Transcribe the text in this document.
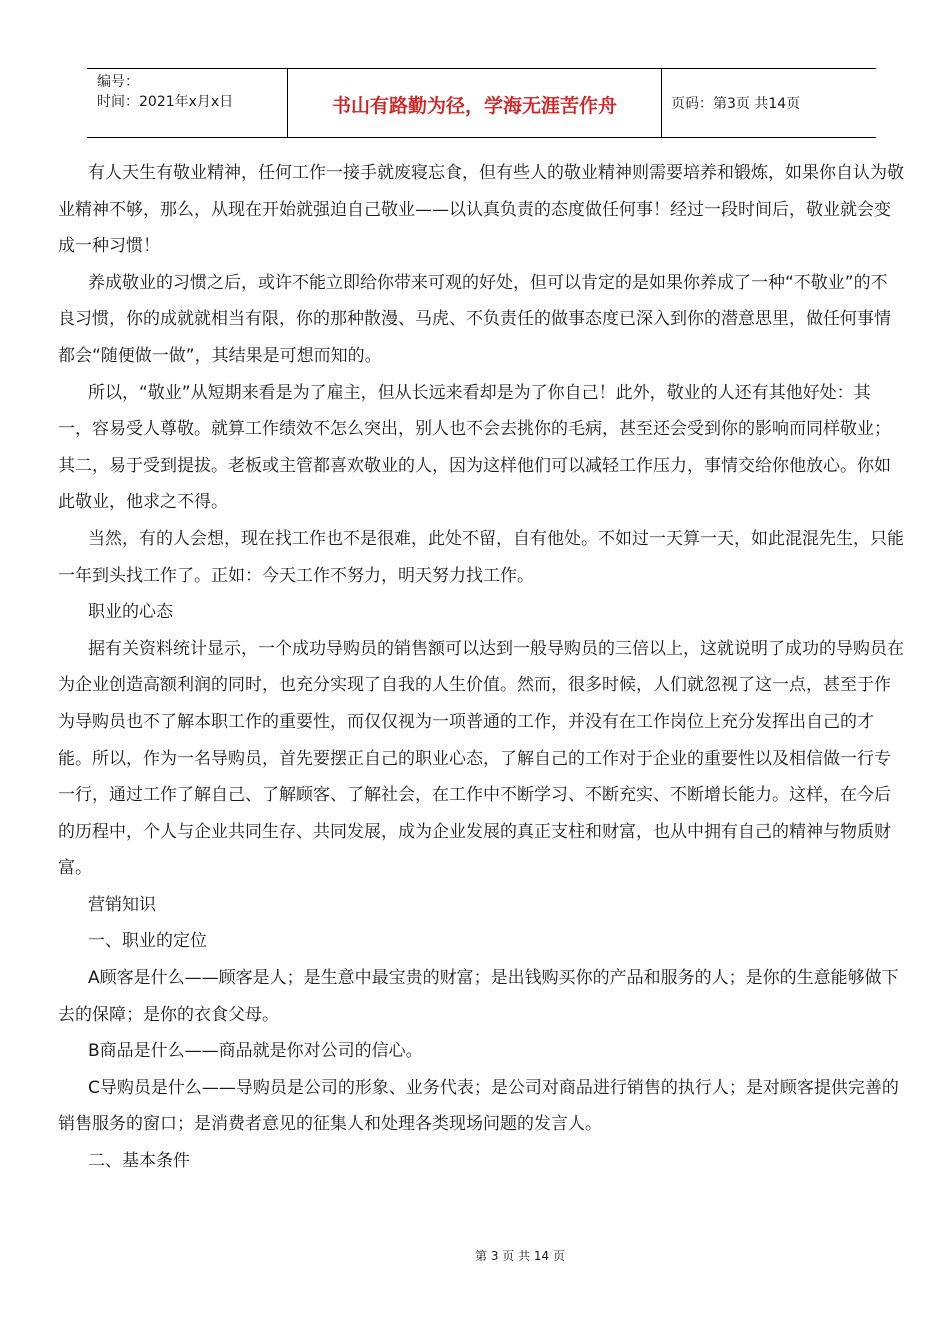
编号：
时间：2021年x月x日	书山有路勤为径，学海无涯苦作舟	页码：第3页 共14页

有人天生有敬业精神，任何工作一接手就废寝忘食，但有些人的敬业精神则需要培养和锻炼，如果你自认为敬业精神不够，那么，从现在开始就强迫自己敬业——以认真负责的态度做任何事！经过一段时间后，敬业就会变成一种习惯！

养成敬业的习惯之后，或许不能立即给你带来可观的好处，但可以肯定的是如果你养成了一种“不敬业”的不良习惯，你的成就就相当有限，你的那种散漫、马虎、不负责任的做事态度已深入到你的潜意思里，做任何事情都会“随便做一做”，其结果是可想而知的。

所以，“敬业”从短期来看是为了雇主，但从长远来看却是为了你自己！此外，敬业的人还有其他好处：其一，容易受人尊敬。就算工作绩效不怎么突出，别人也不会去挑你的毛病，甚至还会受到你的影响而同样敬业；其二，易于受到提拔。老板或主管都喜欢敬业的人，因为这样他们可以减轻工作压力，事情交给你他放心。你如此敬业，他求之不得。

当然，有的人会想，现在找工作也不是很难，此处不留，自有他处。不如过一天算一天，如此混混先生，只能一年到头找工作了。正如：今天工作不努力，明天努力找工作。

职业的心态

据有关资料统计显示，一个成功导购员的销售额可以达到一般导购员的三倍以上，这就说明了成功的导购员在为企业创造高额利润的同时，也充分实现了自我的人生价值。然而，很多时候，人们就忽视了这一点，甚至于作为导购员也不了解本职工作的重要性，而仅仅视为一项普通的工作，并没有在工作岗位上充分发挥出自己的才能。所以，作为一名导购员，首先要摆正自己的职业心态，了解自己的工作对于企业的重要性以及相信做一行专一行，通过工作了解自己、了解顾客、了解社会，在工作中不断学习、不断充实、不断增长能力。这样，在今后的历程中，个人与企业共同生存、共同发展，成为企业发展的真正支柱和财富，也从中拥有自己的精神与物质财富。

营销知识

一、职业的定位

A顾客是什么——顾客是人；是生意中最宝贵的财富；是出钱购买你的产品和服务的人；是你的生意能够做下去的保障；是你的衣食父母。

B商品是什么——商品就是你对公司的信心。

C导购员是什么——导购员是公司的形象、业务代表；是公司对商品进行销售的执行人；是对顾客提供完善的销售服务的窗口；是消费者意见的征集人和处理各类现场问题的发言人。

二、基本条件

第 3 页 共 14 页
